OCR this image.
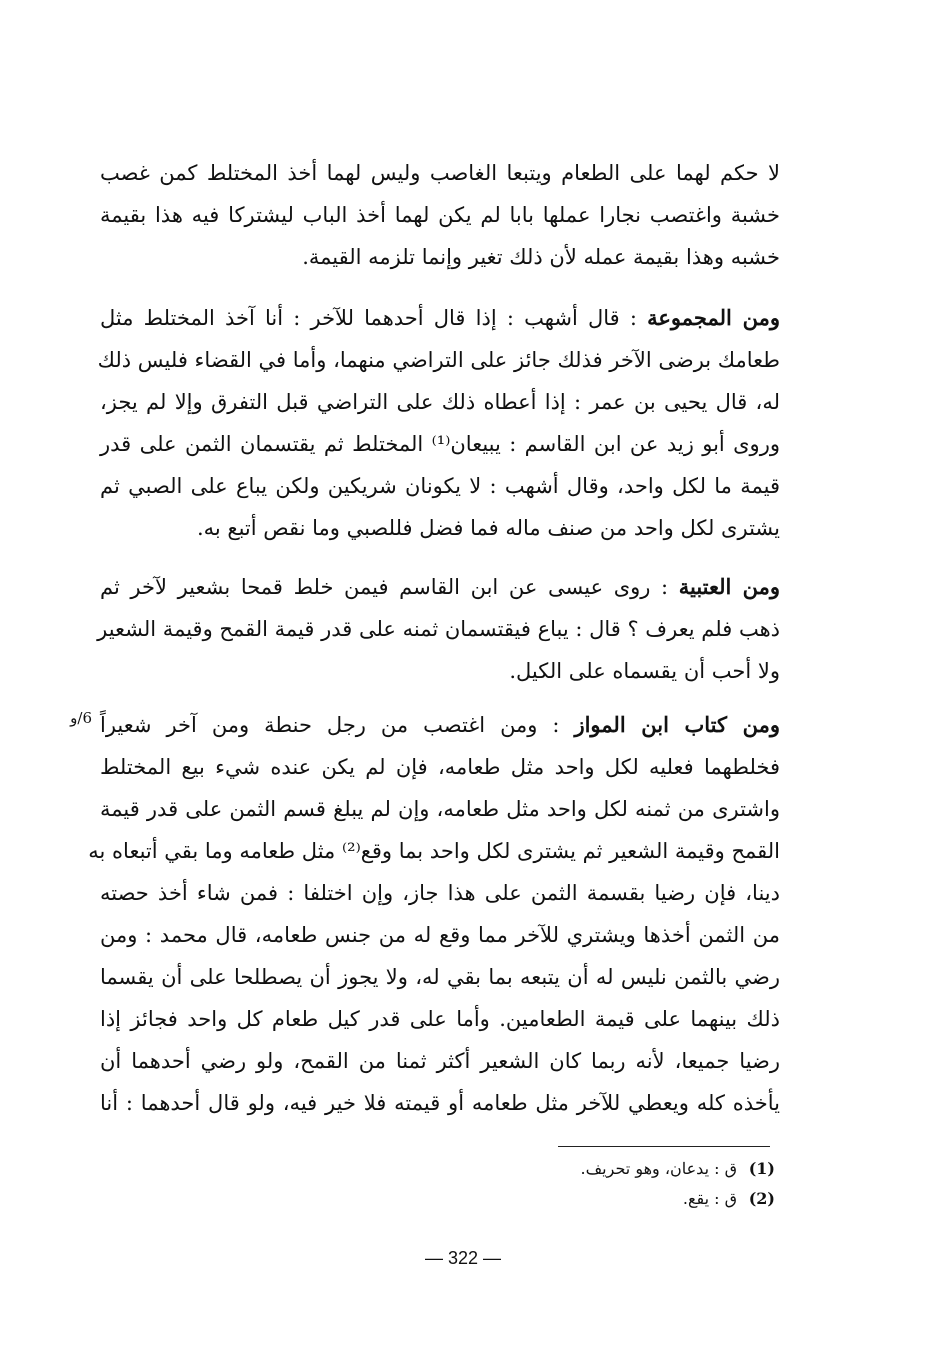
لا حكم لهما على الطعام ويتبعا الغاصب وليس لهما أخذ المختلط كمن غصب
خشبة واغتصب نجارا عملها بابا لم يكن لهما أخذ الباب ليشتركا فيه هذا بقيمة
خشبه وهذا بقيمة عمله لأن ذلك تغير وإنما تلزمه القيمة.
ومن المجموعة : قال أشهب : إذا قال أحدهما للآخر : أنا آخذ المختلط مثل
طعامك برضى الآخر فذلك جائز على التراضي منهما، وأما في القضاء فليس ذلك
له، قال يحيى بن عمر : إذا أعطاه ذلك على التراضي قبل التفرق وإلا لم يجز،
وروى أبو زيد عن ابن القاسم : يبيعان⁽¹⁾ المختلط ثم يقتسمان الثمن على قدر
قيمة ما لكل واحد، وقال أشهب : لا يكونان شريكين ولكن يباع على الصبي ثم
يشترى لكل واحد من صنف ماله فما فضل فللصبي وما نقص أتبع به.
ومن العتبية : روى عيسى عن ابن القاسم فيمن خلط قمحا بشعير لآخر ثم
ذهب فلم يعرف ؟ قال : يباع فيقتسمان ثمنه على قدر قيمة القمح وقيمة الشعير
ولا أحب أن يقسماه على الكيل.
ومن كتاب ابن المواز : ومن اغتصب من رجل حنطة ومن آخر شعيراً
فخلطهما فعليه لكل واحد مثل طعامه، فإن لم يكن عنده شيء بيع المختلط
واشترى من ثمنه لكل واحد مثل طعامه، وإن لم يبلغ قسم الثمن على قدر قيمة
القمح وقيمة الشعير ثم يشترى لكل واحد بما وقع⁽²⁾ مثل طعامه وما بقي أتبعاه به
دينا، فإن رضيا بقسمة الثمن على هذا جاز، وإن اختلفا : فمن شاء أخذ حصته
من الثمن أخذها ويشتري للآخر مما وقع له من جنس طعامه، قال محمد : ومن
رضي بالثمن نليس له أن يتبعه بما بقي له، ولا يجوز أن يصطلحا على أن يقسما
ذلك بينهما على قيمة الطعامين. وأما على قدر كيل طعام كل واحد فجائز إذا
رضيا جميعا، لأنه ربما كان الشعير أكثر ثمنا من القمح، ولو رضي أحدهما أن
يأخذه كله ويعطي للآخر مثل طعامه أو قيمته فلا خير فيه، ولو قال أحدهما : أنا
6/و
(1)ق : يدعان، وهو تحريف.
(2)ق : يقع.
— 322 —
